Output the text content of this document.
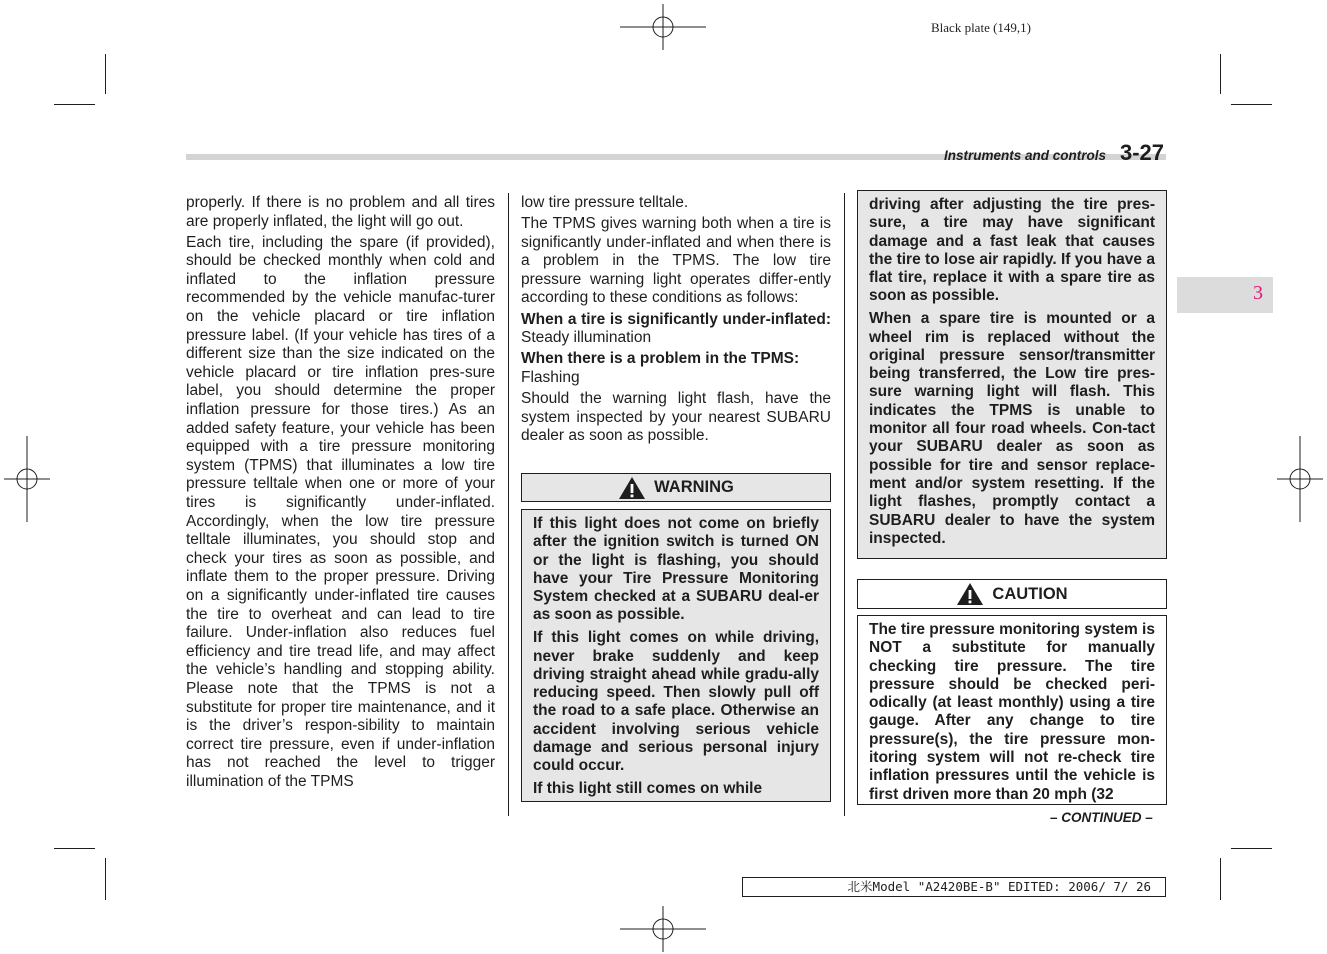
Black plate (149,1)
Instruments and controls 3-27
3

properly. If there is no problem and all tires are properly inflated, the light will go out.

Each tire, including the spare (if provided), should be checked monthly when cold and inflated to the inflation pressure recommended by the vehicle manufac-turer on the vehicle placard or tire inflation pressure label. (If your vehicle has tires of a different size than the size indicated on the vehicle placard or tire inflation pres-sure label, you should determine the proper inflation pressure for those tires.) As an added safety feature, your vehicle has been equipped with a tire pressure monitoring system (TPMS) that illuminates a low tire pressure telltale when one or more of your tires is significantly under-inflated. Accordingly, when the low tire pressure telltale illuminates, you should stop and check your tires as soon as possible, and inflate them to the proper pressure. Driving on a significantly under-inflated tire causes the tire to overheat and can lead to tire failure. Under-inflation also reduces fuel efficiency and tire tread life, and may affect the vehicle’s handling and stopping ability. Please note that the TPMS is not a substitute for proper tire maintenance, and it is the driver’s respon-sibility to maintain correct tire pressure, even if under-inflation has not reached the level to trigger illumination of the TPMS

low tire pressure telltale.

The TPMS gives warning both when a tire is significantly under-inflated and when there is a problem in the TPMS. The low tire pressure warning light operates differ-ently according to these conditions as follows:

When a tire is significantly under-inflated: Steady illumination

When there is a problem in the TPMS:
Flashing

Should the warning light flash, have the system inspected by your nearest SUBARU dealer as soon as possible.

WARNING

If this light does not come on briefly after the ignition switch is turned ON or the light is flashing, you should have your Tire Pressure Monitoring System checked at a SUBARU deal-er as soon as possible.

If this light comes on while driving, never brake suddenly and keep driving straight ahead while gradu-ally reducing speed. Then slowly pull off the road to a safe place. Otherwise an accident involving serious vehicle damage and serious personal injury could occur.

If this light still comes on while

driving after adjusting the tire pres-sure, a tire may have significant damage and a fast leak that causes the tire to lose air rapidly. If you have a flat tire, replace it with a spare tire as soon as possible.

When a spare tire is mounted or a wheel rim is replaced without the original pressure sensor/transmitter being transferred, the Low tire pres-sure warning light will flash. This indicates the TPMS is unable to monitor all four road wheels. Con-tact your SUBARU dealer as soon as possible for tire and sensor replace-ment and/or system resetting. If the light flashes, promptly contact a SUBARU dealer to have the system inspected.

CAUTION

The tire pressure monitoring system is NOT a substitute for manually checking tire pressure. The tire pressure should be checked peri-odically (at least monthly) using a tire gauge. After any change to tire pressure(s), the tire pressure mon-itoring system will not re-check tire inflation pressures until the vehicle is first driven more than 20 mph (32

– CONTINUED –
北米Model "A2420BE-B" EDITED: 2006/ 7/ 26
